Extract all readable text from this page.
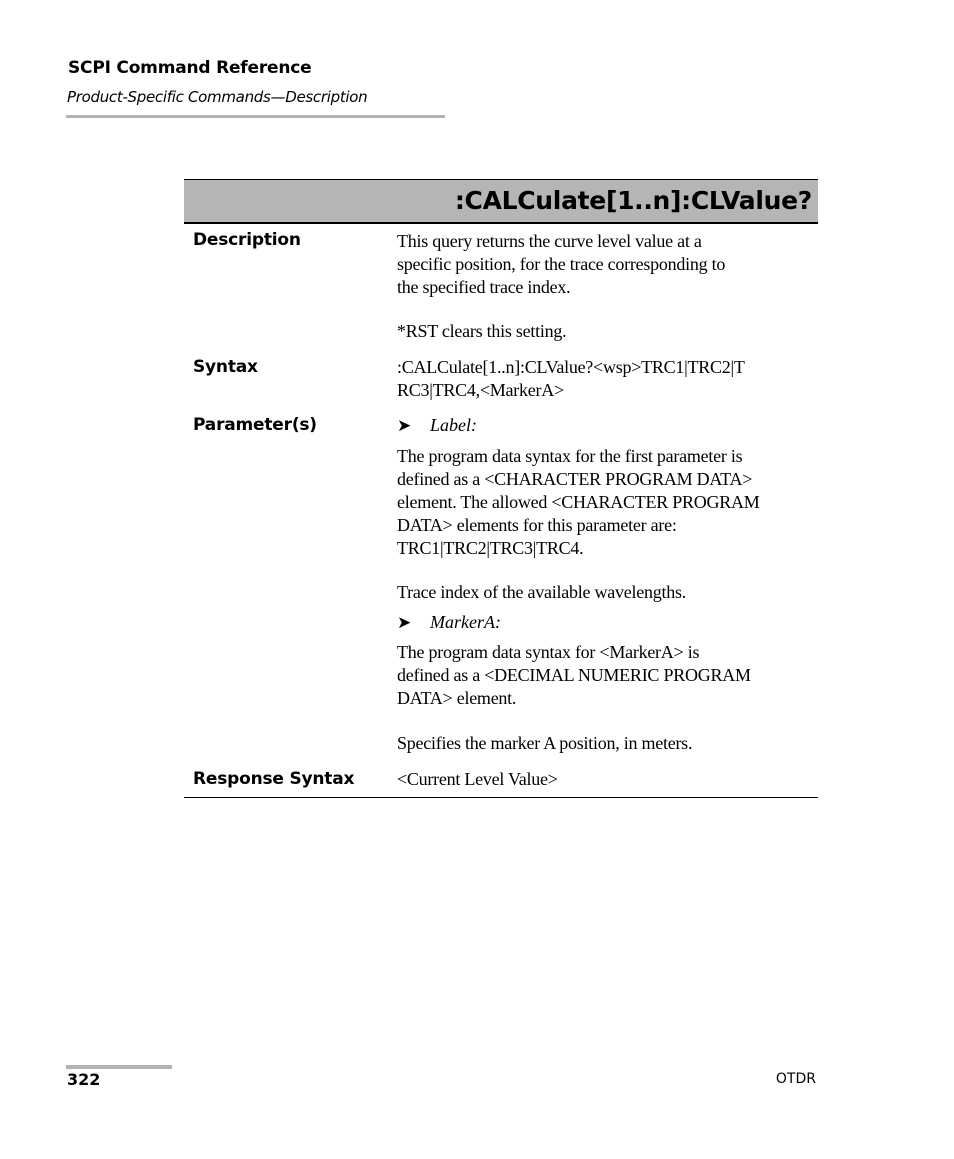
SCPI Command Reference
Product-Specific Commands—Description
:CALCulate[1..n]:CLValue?
Description	This query returns the curve level value at a
specific position, for the trace corresponding to
the specified trace index.
*RST clears this setting.
Syntax	:CALCulate[1..n]:CLValue?<wsp>TRC1|TRC2|T
RC3|TRC4,<MarkerA>
Parameter(s)	➤ Label:
The program data syntax for the first parameter is
defined as a <CHARACTER PROGRAM DATA>
element. The allowed <CHARACTER PROGRAM
DATA> elements for this parameter are:
TRC1|TRC2|TRC3|TRC4.
Trace index of the available wavelengths.
➤ MarkerA:
The program data syntax for <MarkerA> is
defined as a <DECIMAL NUMERIC PROGRAM
DATA> element.
Specifies the marker A position, in meters.
Response Syntax <Current Level Value>
322	OTDR
